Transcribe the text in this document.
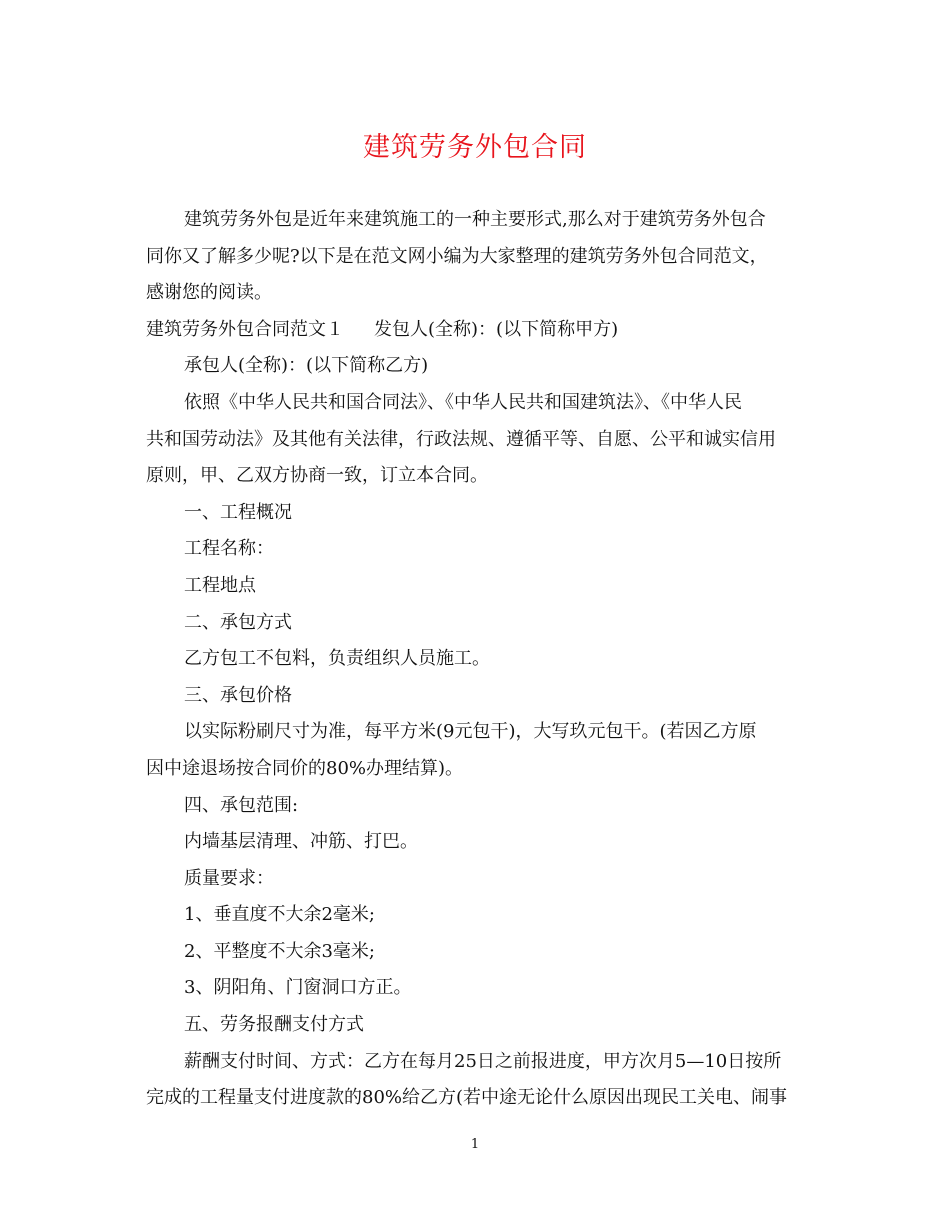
建筑劳务外包合同

建筑劳务外包是近年来建筑施工的一种主要形式,那么对于建筑劳务外包合

同你又了解多少呢?以下是在范文网小编为大家整理的建筑劳务外包合同范文，

感谢您的阅读。

建筑劳务外包合同范文１ 发包人(全称)：(以下简称甲方)

承包人(全称)：(以下简称乙方)

依照《中华人民共和国合同法》、《中华人民共和国建筑法》、《中华人民

共和国劳动法》及其他有关法律，行政法规、遵循平等、自愿、公平和诚实信用

原则，甲、乙双方协商一致，订立本合同。

一、工程概况

工程名称：

工程地点

二、承包方式

乙方包工不包料，负责组织人员施工。

三、承包价格

以实际粉刷尺寸为准，每平方米(9元包干)，大写玖元包干。(若因乙方原

因中途退场按合同价的80%办理结算)。

四、承包范围:

内墙基层清理、冲筋、打巴。

质量要求：

1、垂直度不大余2毫米;

2、平整度不大余3毫米;

3、阴阳角、门窗洞口方正。

五、劳务报酬支付方式

薪酬支付时间、方式：乙方在每月25日之前报进度，甲方次月5—10日按所

完成的工程量支付进度款的80%给乙方(若中途无论什么原因出现民工关电、闹事

1
